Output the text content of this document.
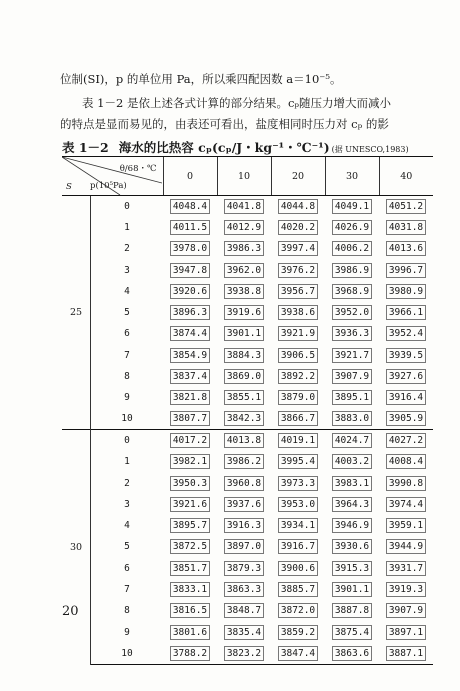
位制(SI)，p 的单位用 Pa，所以乘四配因数 a＝10⁻⁵。
表 1－2 是依上述各式计算的部分结果。cₚ随压力增大而减小
的特点是显而易见的，由表还可看出，盐度相同时压力对 cₚ 的影
表 1－2 海水的比热容 cₚ(cₚ/J・kg⁻¹・℃⁻¹) (据 UNESCO,1983)
θ/68・℃
S p(10⁵Pa)		0	10	20	30	40
25	0	4048.4	4041.8	4044.8	4049.1	4051.2
	1	4011.5	4012.9	4020.2	4026.9	4031.8
	2	3978.0	3986.3	3997.4	4006.2	4013.6
	3	3947.8	3962.0	3976.2	3986.9	3996.7
	4	3920.6	3938.8	3956.7	3968.9	3980.9
	5	3896.3	3919.6	3938.6	3952.0	3966.1
	6	3874.4	3901.1	3921.9	3936.3	3952.4
	7	3854.9	3884.3	3906.5	3921.7	3939.5
	8	3837.4	3869.0	3892.2	3907.9	3927.6
	9	3821.8	3855.1	3879.0	3895.1	3916.4
	10	3807.7	3842.3	3866.7	3883.0	3905.9
30	0	4017.2	4013.8	4019.1	4024.7	4027.2
	1	3982.1	3986.2	3995.4	4003.2	4008.4
	2	3950.3	3960.8	3973.3	3983.1	3990.8
	3	3921.6	3937.6	3953.0	3964.3	3974.4
	4	3895.7	3916.3	3934.1	3946.9	3959.1
	5	3872.5	3897.0	3916.7	3930.6	3944.9
	6	3851.7	3879.3	3900.6	3915.3	3931.7
	7	3833.1	3863.3	3885.7	3901.1	3919.3
	8	3816.5	3848.7	3872.0	3887.8	3907.9
	9	3801.6	3835.4	3859.2	3875.4	3897.1
	10	3788.2	3823.2	3847.4	3863.6	3887.1
20
